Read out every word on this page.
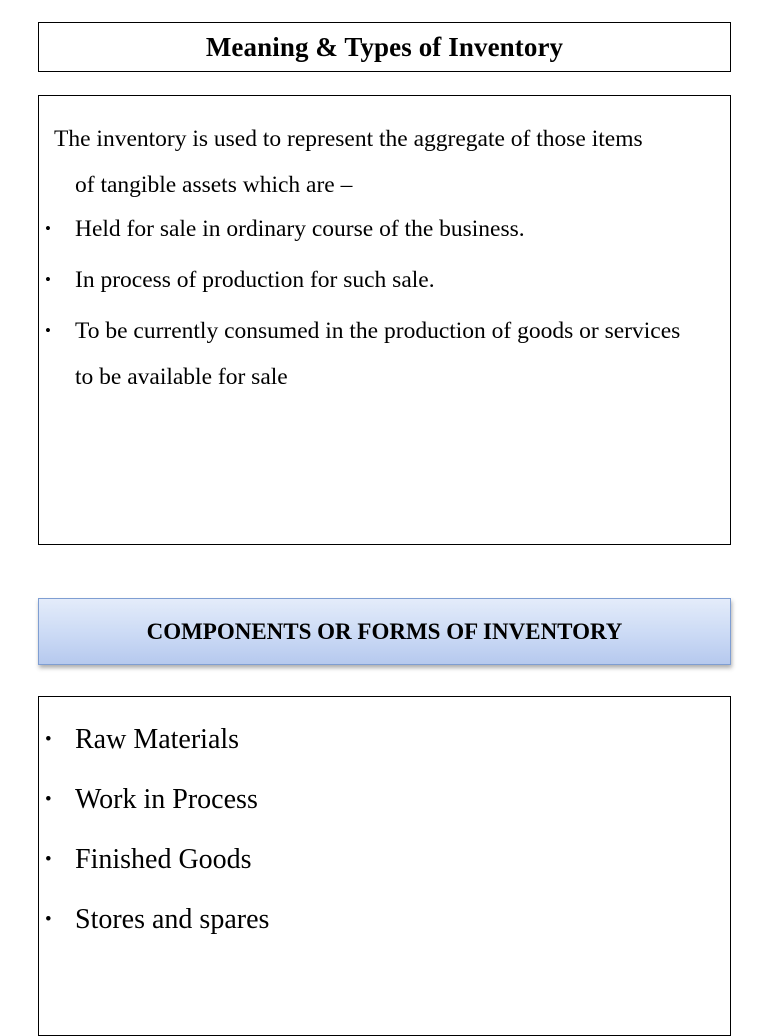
Meaning & Types of Inventory

The inventory is used to represent the aggregate of those items
of tangible assets which are –

• Held for sale in ordinary course of the business.
• In process of production for such sale.
• To be currently consumed in the production of goods or services to be available for sale
COMPONENTS OR FORMS OF INVENTORY
• Raw Materials
• Work in Process
• Finished Goods
• Stores and spares
